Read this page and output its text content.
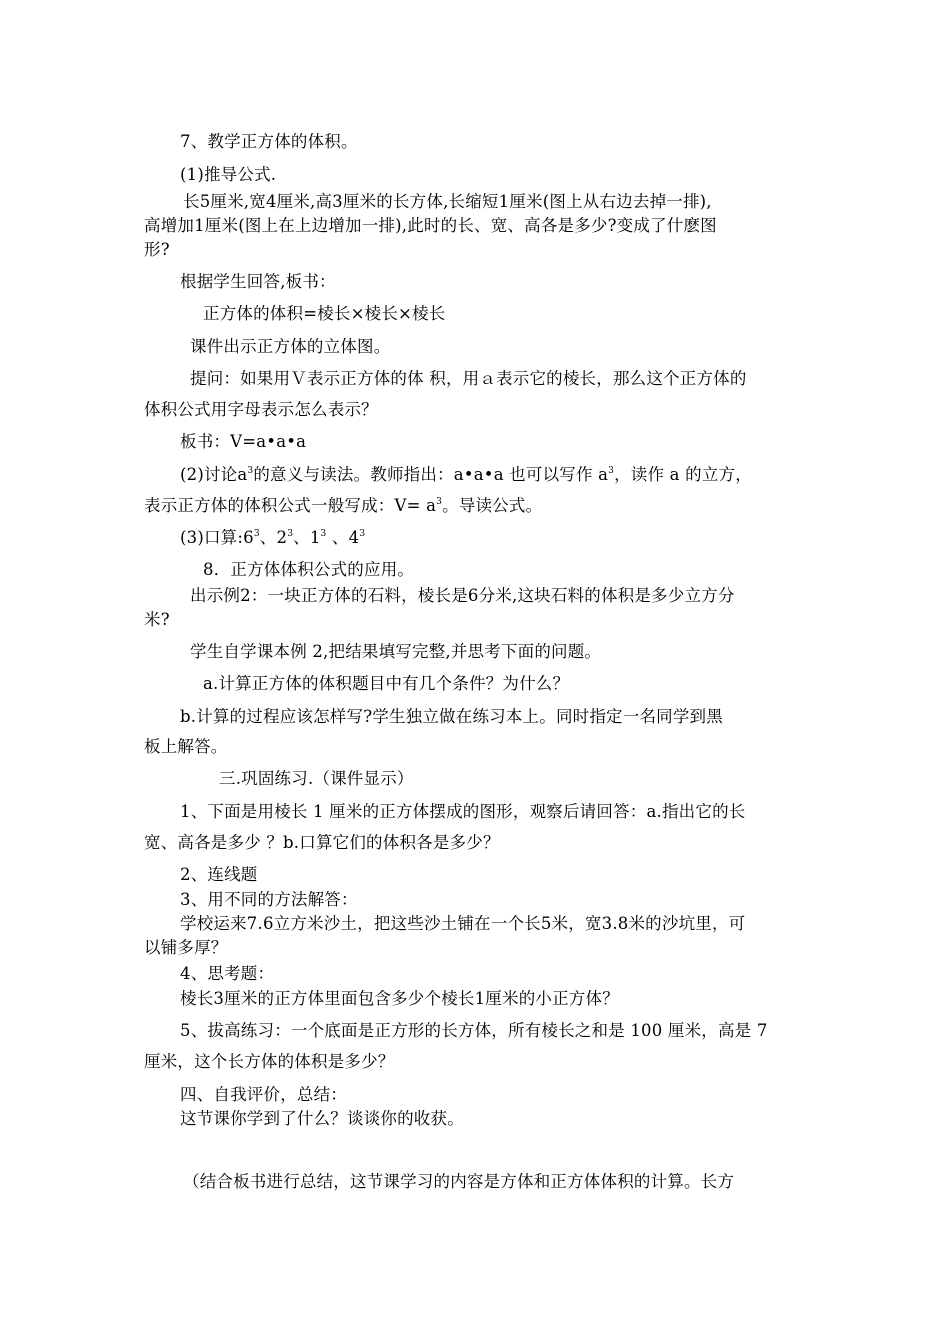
7、教学正方体的体积。
(1)推导公式.
长5厘米,宽4厘米,高3厘米的长方体,长缩短1厘米(图上从右边去掉一排),
高增加1厘米(图上在上边增加一排),此时的长、宽、高各是多少?变成了什麽图
形?
根据学生回答,板书：
正方体的体积=棱长×棱长×棱长
课件出示正方体的立体图。
提问：如果用Ｖ表示正方体的体 积，用ａ表示它的棱长，那么这个正方体的
体积公式用字母表示怎么表示？
板书：V=a•a•a
(2)讨论$a^3$的意义与读法。教师指出：a•a•a 也可以写作 $a^3$，读作 a 的立方，
表示正方体的体积公式一般写成：$V= a^3$。导读公式。
(3)口算$:6^3$、$2^3$、$1^3$ 、$4^3$
8．正方体体积公式的应用。
出示例2：一块正方体的石料，棱长是6分米,这块石料的体积是多少立方分
米?
学生自学课本例 2,把结果填写完整,并思考下面的问题。
a.计算正方体的体积题目中有几个条件？为什么？
b.计算的过程应该怎样写?学生独立做在练习本上。同时指定一名同学到黑
板上解答。
三.巩固练习.（课件显示）
1、下面是用棱长 1 厘米的正方体摆成的图形，观察后请回答：a.指出它的长
宽、高各是多少 ？b.口算它们的体积各是多少？
2、连线题
3、用不同的方法解答：
学校运来7.6立方米沙土，把这些沙土铺在一个长5米，宽3.8米的沙坑里，可
以铺多厚？
4、思考题：
棱长3厘米的正方体里面包含多少个棱长1厘米的小正方体？
5、拔高练习：一个底面是正方形的长方体，所有棱长之和是 100 厘米，高是 7
厘米，这个长方体的体积是多少？
四、自我评价，总结：
这节课你学到了什么？谈谈你的收获。
（结合板书进行总结，这节课学习的内容是方体和正方体体积的计算。长方
